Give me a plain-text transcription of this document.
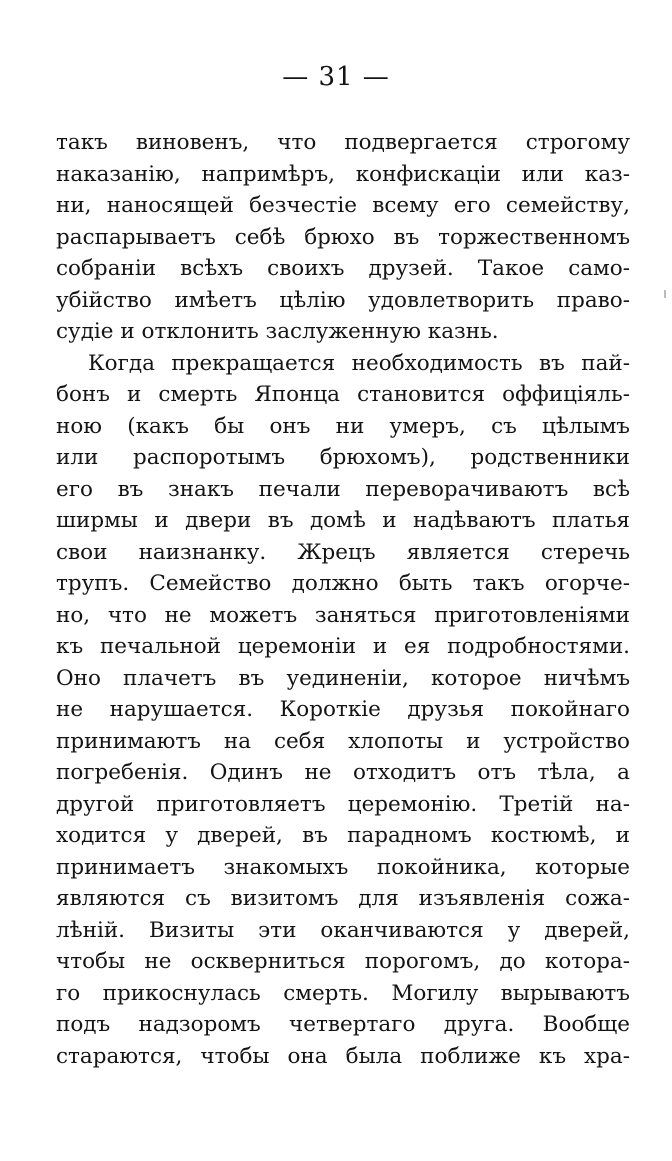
— 31 —
такъ виновенъ, что подвергается строгому
наказанію, напримѣръ, конфискаціи или каз-
ни, наносящей безчестіе всему его семейству,
распарываетъ себѣ брюхо въ торжественномъ
собраніи всѣхъ своихъ друзей. Такое само-
убійство имѣетъ цѣлію удовлетворить право-
судіе и отклонить заслуженную казнь.
Когда прекращается необходимость въ пай-
бонъ и смерть Японца становится оффиціяль-
ною (какъ бы онъ ни умеръ, съ цѣлымъ
или распоротымъ брюхомъ), родственники
его въ знакъ печали переворачиваютъ всѣ
ширмы и двери въ домѣ и надѣваютъ платья
свои наизнанку. Жрецъ является стеречь
трупъ. Семейство должно быть такъ огорче-
но, что не можетъ заняться приготовленіями
къ печальной церемоніи и ея подробностями.
Оно плачетъ въ уединеніи, которое ничѣмъ
не нарушается. Короткіе друзья покойнаго
принимаютъ на себя хлопоты и устройство
погребенія. Одинъ не отходитъ отъ тѣла, а
другой приготовляетъ церемонію. Третій на-
ходится у дверей, въ парадномъ костюмѣ, и
принимаетъ знакомыхъ покойника, которые
являются съ визитомъ для изъявленія сожа-
лѣній. Визиты эти оканчиваются у дверей,
чтобы не оскверниться порогомъ, до котора-
го прикоснулась смерть. Могилу вырываютъ
подъ надзоромъ четвертаго друга. Вообще
стараются, чтобы она была поближе къ хра-
